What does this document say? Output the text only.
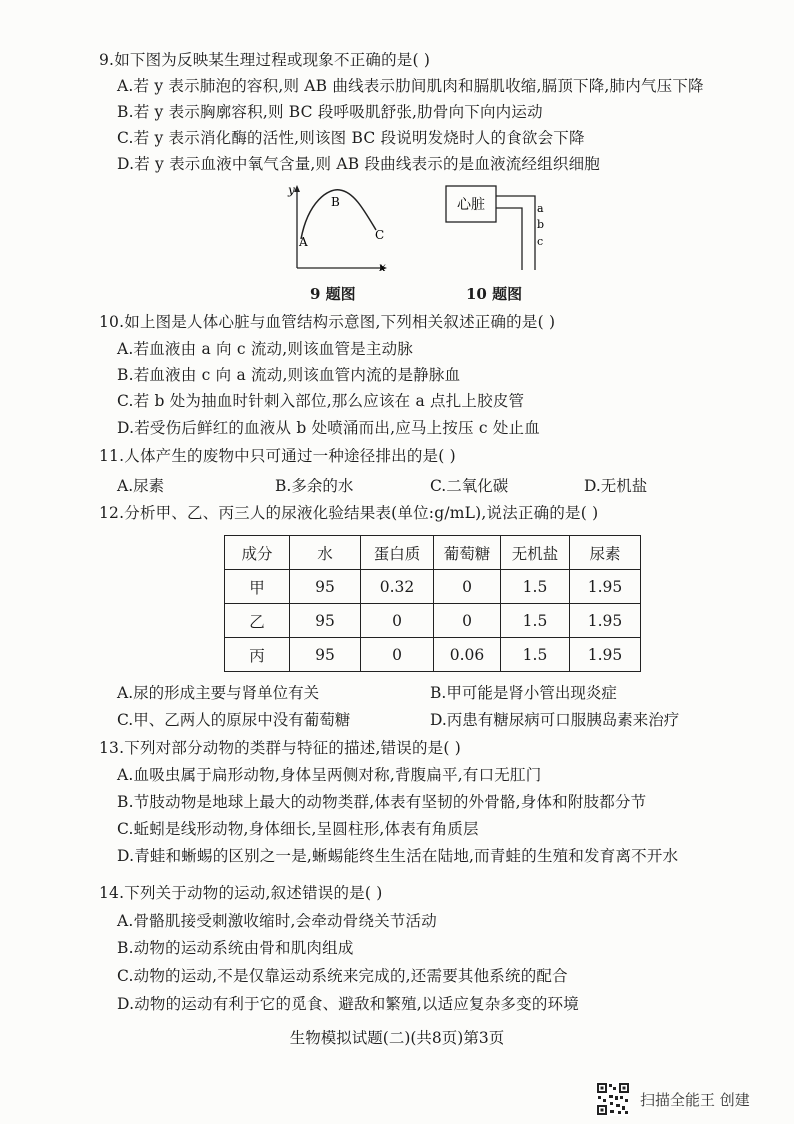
9.如下图为反映某生理过程或现象不正确的是( )
A.若 y 表示肺泡的容积,则 AB 曲线表示肋间肌肉和膈肌收缩,膈顶下降,肺内气压下降
B.若 y 表示胸廓容积,则 BC 段呼吸肌舒张,肋骨向下向内运动
C.若 y 表示消化酶的活性,则该图 BC 段说明发烧时人的食欲会下降
D.若 y 表示血液中氧气含量,则 AB 段曲线表示的是血液流经组织细胞
y
x
A
B
C
9 题图
心脏	a
b
c
10 题图
10.如上图是人体心脏与血管结构示意图,下列相关叙述正确的是( )
A.若血液由 a 向 c 流动,则该血管是主动脉
B.若血液由 c 向 a 流动,则该血管内流的是静脉血
C.若 b 处为抽血时针刺入部位,那么应该在 a 点扎上胶皮管
D.若受伤后鲜红的血液从 b 处喷涌而出,应马上按压 c 处止血
11.人体产生的废物中只可通过一种途径排出的是( )
A.尿素	B.多余的水	C.二氧化碳	D.无机盐
12.分析甲、乙、丙三人的尿液化验结果表(单位:g/mL),说法正确的是( )
成分	水	蛋白质	葡萄糖	无机盐	尿素
甲	95	0.32	0	1.5	1.95
乙	95	0	0	1.5	1.95
丙	95	0	0.06	1.5	1.95
A.尿的形成主要与肾单位有关	B.甲可能是肾小管出现炎症
C.甲、乙两人的原尿中没有葡萄糖	D.丙患有糖尿病可口服胰岛素来治疗
13.下列对部分动物的类群与特征的描述,错误的是( )
A.血吸虫属于扁形动物,身体呈两侧对称,背腹扁平,有口无肛门
B.节肢动物是地球上最大的动物类群,体表有坚韧的外骨骼,身体和附肢都分节
C.蚯蚓是线形动物,身体细长,呈圆柱形,体表有角质层
D.青蛙和蜥蜴的区别之一是,蜥蜴能终生生活在陆地,而青蛙的生殖和发育离不开水
14.下列关于动物的运动,叙述错误的是( )
A.骨骼肌接受刺激收缩时,会牵动骨绕关节活动
B.动物的运动系统由骨和肌肉组成
C.动物的运动,不是仅靠运动系统来完成的,还需要其他系统的配合
D.动物的运动有利于它的觅食、避敌和繁殖,以适应复杂多变的环境
生物模拟试题(二)(共8页)第3页
扫描全能王 创建
